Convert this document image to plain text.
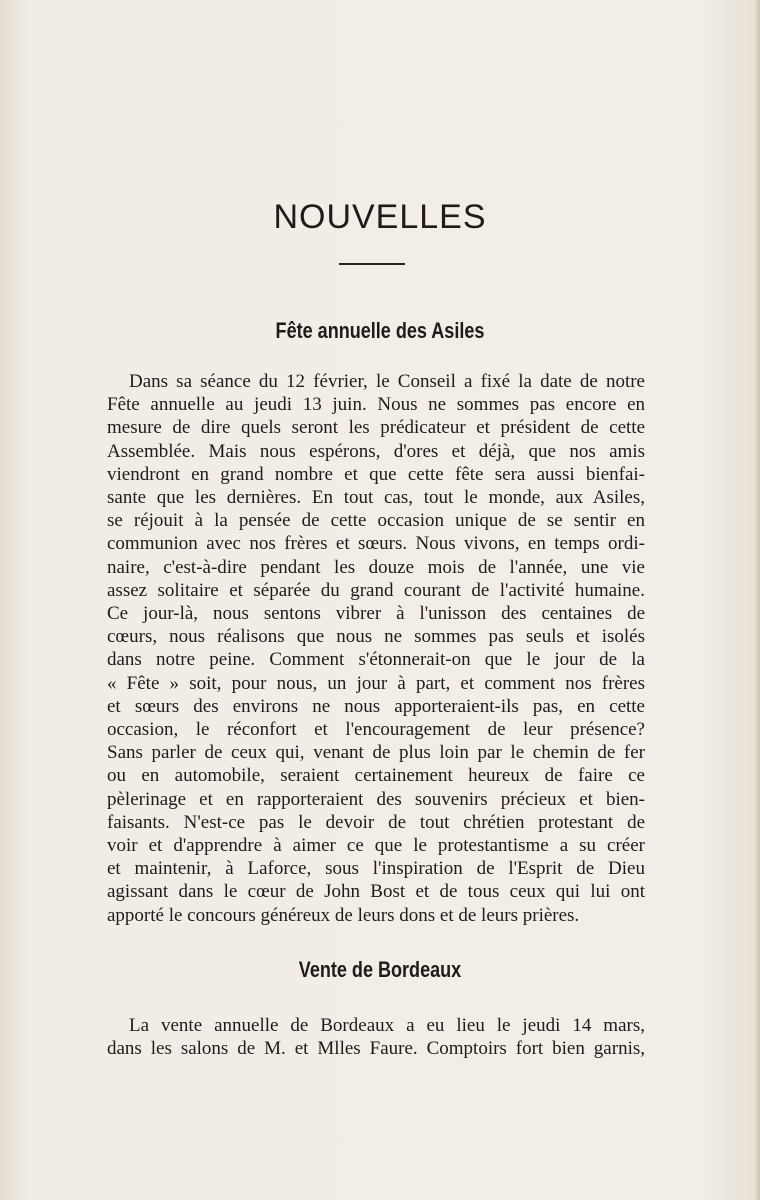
NOUVELLES
Fête annuelle des Asiles
Dans sa séance du 12 février, le Conseil a fixé la date de notre
Fête annuelle au jeudi 13 juin. Nous ne sommes pas encore en
mesure de dire quels seront les prédicateur et président de cette
Assemblée. Mais nous espérons, d'ores et déjà, que nos amis
viendront en grand nombre et que cette fête sera aussi bienfai-
sante que les dernières. En tout cas, tout le monde, aux Asiles,
se réjouit à la pensée de cette occasion unique de se sentir en
communion avec nos frères et sœurs. Nous vivons, en temps ordi-
naire, c'est-à-dire pendant les douze mois de l'année, une vie
assez solitaire et séparée du grand courant de l'activité humaine.
Ce jour-là, nous sentons vibrer à l'unisson des centaines de
cœurs, nous réalisons que nous ne sommes pas seuls et isolés
dans notre peine. Comment s'étonnerait-on que le jour de la
« Fête » soit, pour nous, un jour à part, et comment nos frères
et sœurs des environs ne nous apporteraient-ils pas, en cette
occasion, le réconfort et l'encouragement de leur présence?
Sans parler de ceux qui, venant de plus loin par le chemin de fer
ou en automobile, seraient certainement heureux de faire ce
pèlerinage et en rapporteraient des souvenirs précieux et bien-
faisants. N'est-ce pas le devoir de tout chrétien protestant de
voir et d'apprendre à aimer ce que le protestantisme a su créer
et maintenir, à Laforce, sous l'inspiration de l'Esprit de Dieu
agissant dans le cœur de John Bost et de tous ceux qui lui ont
apporté le concours généreux de leurs dons et de leurs prières.
Vente de Bordeaux
La vente annuelle de Bordeaux a eu lieu le jeudi 14 mars,
dans les salons de M. et Mlles Faure. Comptoirs fort bien garnis,
